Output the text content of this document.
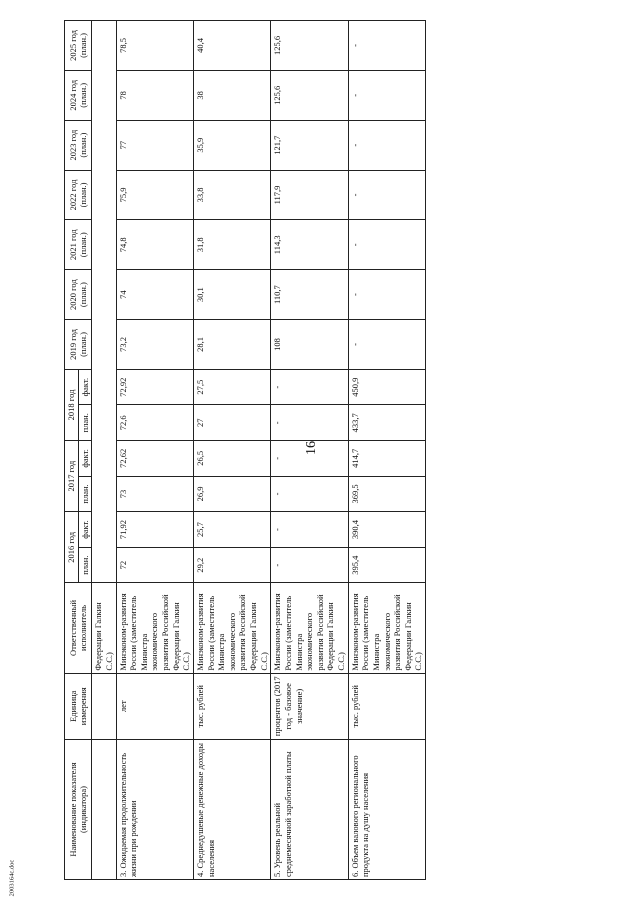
16
2003164с.doc
Наименование показателя (индикатора)	Единица измерения	Ответственный исполнитель	2016 год		2017 год		2018 год		2019 год (план.)	2020 год (план.)	2021 год (план.)	2022 год (план.)	2023 год (план.)	2024 год (план.)	2025 год (план.)
			план.	факт.	план.	факт.	план.	факт.							
		Федерации Галкин С.С.)													
3. Ожидаемая продолжительность жизни при рождении	лет	Минэконом-развития России (заместитель Министра экономического развития Российской Федерации Галкин С.С.)	72	71,92	73	72,62	72,6	72,92	73,2	74	74,8	75,9	77	78	78,5
4. Среднедушевые денежные доходы населения	тыс. рублей	Минэконом-развития России (заместитель Министра экономического развития Российской Федерации Галкин С.С.)	29,2	25,7	26,9	26,5	27	27,5	28,1	30,1	31,8	33,8	35,9	38	40,4
5. Уровень реальной среднемесячной заработной платы	процентов (2017 год - базовое значение)	Минэконом-развития России (заместитель Министра экономического развития Российской Федерации Галкин С.С.)	-	-	-	-	-	-	108	110,7	114,3	117,9	121,7	125,6	125,6
6. Объем валового регионального продукта на душу населения	тыс. рублей	Минэконом-развития России (заместитель Министра экономического развития Российской Федерации Галкин С.С.)	395,4	390,4	369,5	414,7	433,7	450,9	-	-	-	-	-	-	-
